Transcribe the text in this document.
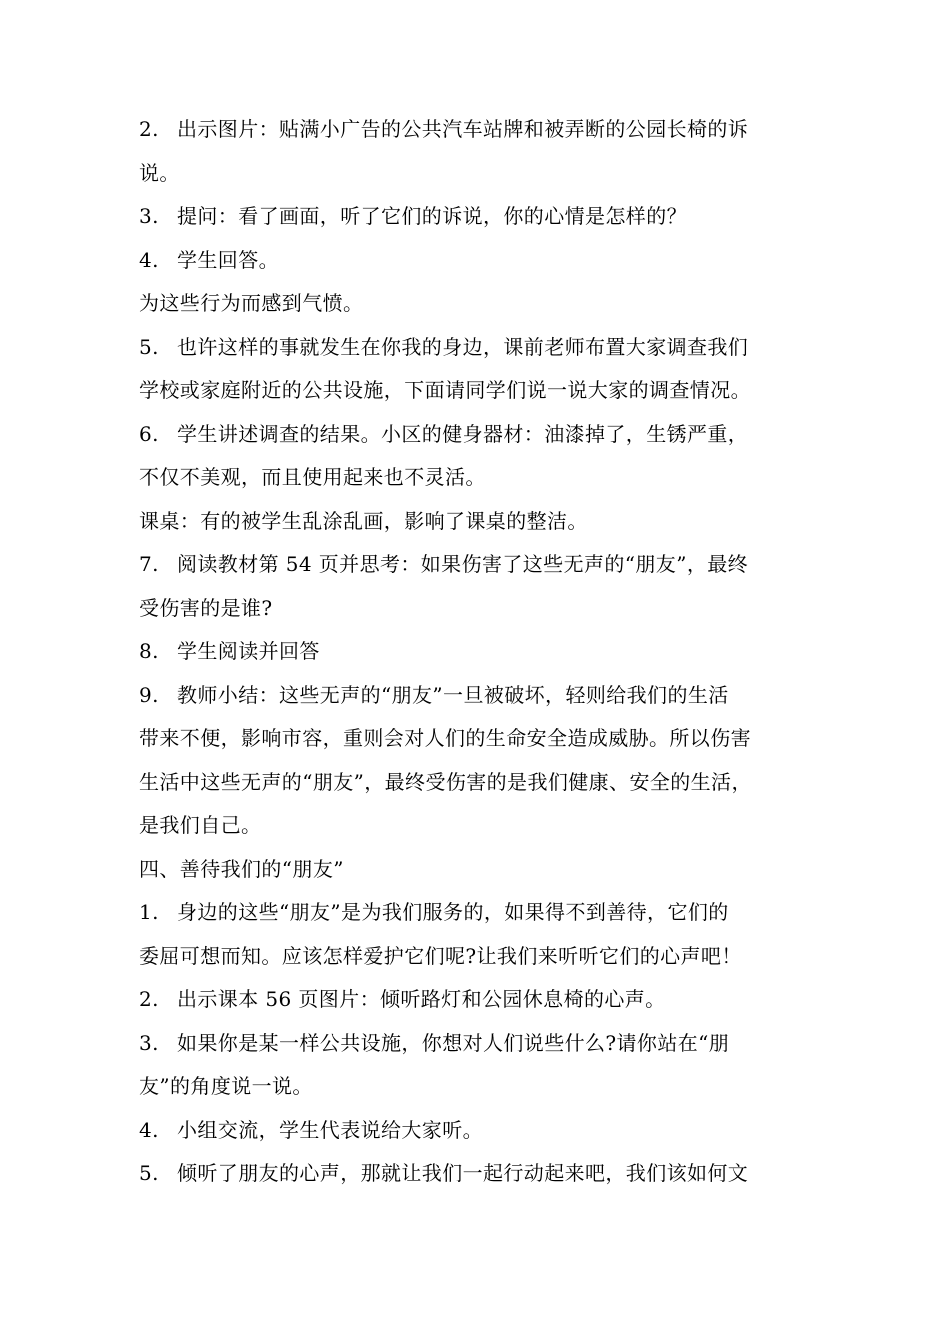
2. 出示图片：贴满小广告的公共汽车站牌和被弄断的公园长椅的诉
说。
3. 提问：看了画面，听了它们的诉说，你的心情是怎样的？
4. 学生回答。
为这些行为而感到气愤。
5. 也许这样的事就发生在你我的身边，课前老师布置大家调查我们
学校或家庭附近的公共设施，下面请同学们说一说大家的调查情况。
6. 学生讲述调查的结果。小区的健身器材：油漆掉了，生锈严重，
不仅不美观，而且使用起来也不灵活。
课桌：有的被学生乱涂乱画，影响了课桌的整洁。
7. 阅读教材第 54 页并思考：如果伤害了这些无声的“朋友”，最终
受伤害的是谁?
8. 学生阅读并回答
9. 教师小结：这些无声的“朋友”一旦被破坏，轻则给我们的生活
带来不便，影响市容，重则会对人们的生命安全造成威胁。所以伤害
生活中这些无声的“朋友”，最终受伤害的是我们健康、安全的生活，
是我们自己。
四、善待我们的“朋友”
1. 身边的这些“朋友”是为我们服务的，如果得不到善待，它们的
委屈可想而知。应该怎样爱护它们呢?让我们来听听它们的心声吧！
2. 出示课本 56 页图片：倾听路灯和公园休息椅的心声。
3. 如果你是某一样公共设施，你想对人们说些什么?请你站在“朋
友”的角度说一说。
4. 小组交流，学生代表说给大家听。
5. 倾听了朋友的心声，那就让我们一起行动起来吧，我们该如何文
